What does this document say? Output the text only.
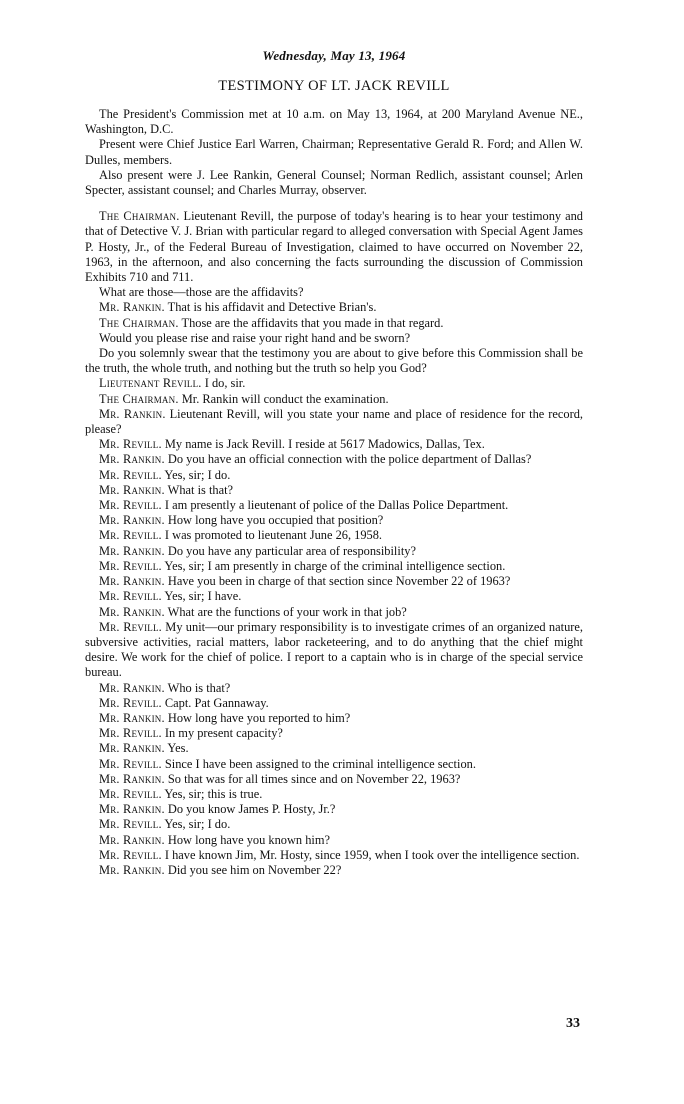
Wednesday, May 13, 1964
TESTIMONY OF LT. JACK REVILL

The President's Commission met at 10 a.m. on May 13, 1964, at 200 Maryland Avenue NE., Washington, D.C.

Present were Chief Justice Earl Warren, Chairman; Representative Gerald R. Ford; and Allen W. Dulles, members.

Also present were J. Lee Rankin, General Counsel; Norman Redlich, assistant counsel; Arlen Specter, assistant counsel; and Charles Murray, observer.

The Chairman. Lieutenant Revill, the purpose of today's hearing is to hear your testimony and that of Detective V. J. Brian with particular regard to alleged conversation with Special Agent James P. Hosty, Jr., of the Federal Bureau of Investigation, claimed to have occurred on November 22, 1963, in the afternoon, and also concerning the facts surrounding the discussion of Commission Exhibits 710 and 711.

What are those—those are the affidavits?

Mr. Rankin. That is his affidavit and Detective Brian's.

The Chairman. Those are the affidavits that you made in that regard.

Would you please rise and raise your right hand and be sworn?

Do you solemnly swear that the testimony you are about to give before this Commission shall be the truth, the whole truth, and nothing but the truth so help you God?

Lieutenant Revill. I do, sir.

The Chairman. Mr. Rankin will conduct the examination.

Mr. Rankin. Lieutenant Revill, will you state your name and place of residence for the record, please?

Mr. Revill. My name is Jack Revill. I reside at 5617 Madowics, Dallas, Tex.

Mr. Rankin. Do you have an official connection with the police department of Dallas?

Mr. Revill. Yes, sir; I do.

Mr. Rankin. What is that?

Mr. Revill. I am presently a lieutenant of police of the Dallas Police Department.

Mr. Rankin. How long have you occupied that position?

Mr. Revill. I was promoted to lieutenant June 26, 1958.

Mr. Rankin. Do you have any particular area of responsibility?

Mr. Revill. Yes, sir; I am presently in charge of the criminal intelligence section.

Mr. Rankin. Have you been in charge of that section since November 22 of 1963?

Mr. Revill. Yes, sir; I have.

Mr. Rankin. What are the functions of your work in that job?

Mr. Revill. My unit—our primary responsibility is to investigate crimes of an organized nature, subversive activities, racial matters, labor racketeering, and to do anything that the chief might desire. We work for the chief of police. I report to a captain who is in charge of the special service bureau.

Mr. Rankin. Who is that?

Mr. Revill. Capt. Pat Gannaway.

Mr. Rankin. How long have you reported to him?

Mr. Revill. In my present capacity?

Mr. Rankin. Yes.

Mr. Revill. Since I have been assigned to the criminal intelligence section.

Mr. Rankin. So that was for all times since and on November 22, 1963?

Mr. Revill. Yes, sir; this is true.

Mr. Rankin. Do you know James P. Hosty, Jr.?

Mr. Revill. Yes, sir; I do.

Mr. Rankin. How long have you known him?

Mr. Revill. I have known Jim, Mr. Hosty, since 1959, when I took over the intelligence section.

Mr. Rankin. Did you see him on November 22?

33
